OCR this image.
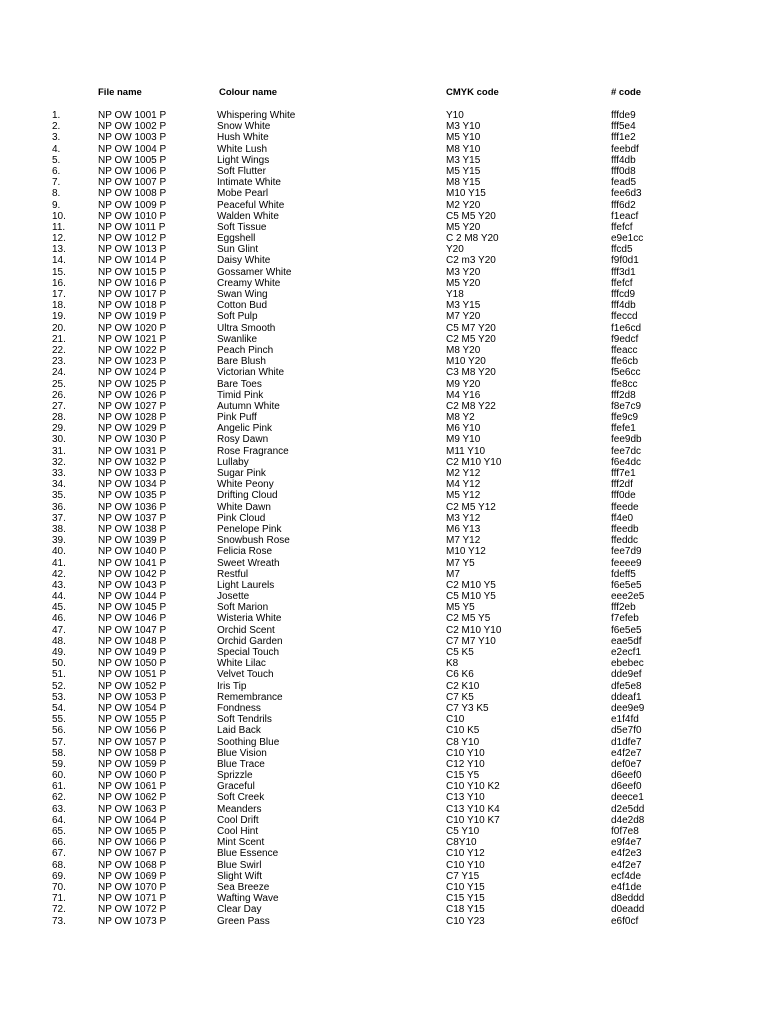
File name	Colour name	CMYK code	# code
1.	NP OW 1001 P	Whispering White	Y10	fffde9
2.	NP OW 1002 P	Snow White	M3 Y10	fff5e4
3.	NP OW 1003 P	Hush White	M5 Y10	fff1e2
4.	NP OW 1004 P	White Lush	M8 Y10	feebdf
5.	NP OW 1005 P	Light Wings	M3 Y15	fff4db
6.	NP OW 1006 P	Soft Flutter	M5 Y15	fff0d8
7.	NP OW 1007 P	Intimate White	M8 Y15	fead5
8.	NP OW 1008 P	Mobe Pearl	M10 Y15	fee6d3
9.	NP OW 1009 P	Peaceful White	M2 Y20	fff6d2
10.	NP OW 1010 P	Walden White	C5 M5 Y20	f1eacf
11.	NP OW 1011 P	Soft Tissue	M5 Y20	ffefcf
12.	NP OW 1012 P	Eggshell	C 2 M8 Y20	e9e1cc
13.	NP OW 1013 P	Sun Glint	Y20	ffcd5
14.	NP OW 1014 P	Daisy White	C2 m3 Y20	f9f0d1
15.	NP OW 1015 P	Gossamer White	M3 Y20	fff3d1
16.	NP OW 1016 P	Creamy White	M5 Y20	ffefcf
17.	NP OW 1017 P	Swan Wing	Y18	fffcd9
18.	NP OW 1018 P	Cotton Bud	M3 Y15	fff4db
19.	NP OW 1019 P	Soft Pulp	M7 Y20	ffeccd
20.	NP OW 1020 P	Ultra Smooth	C5 M7 Y20	f1e6cd
21.	NP OW 1021 P	Swanlike	C2 M5 Y20	f9edcf
22.	NP OW 1022 P	Peach Pinch	M8 Y20	ffeacc
23.	NP OW 1023 P	Bare Blush	M10 Y20	ffe6cb
24.	NP OW 1024 P	Victorian White	C3 M8 Y20	f5e6cc
25.	NP OW 1025 P	Bare Toes	M9 Y20	ffe8cc
26.	NP OW 1026 P	Timid Pink	M4 Y16	fff2d8
27.	NP OW 1027 P	Autumn White	C2 M8 Y22	f8e7c9
28.	NP OW 1028 P	Pink Puff	M8 Y2	ffe9c9
29.	NP OW 1029 P	Angelic Pink	M6 Y10	ffefe1
30.	NP OW 1030 P	Rosy Dawn	M9 Y10	fee9db
31.	NP OW 1031 P	Rose Fragrance	M11 Y10	fee7dc
32.	NP OW 1032 P	Lullaby	C2 M10 Y10	f6e4dc
33.	NP OW 1033 P	Sugar Pink	M2 Y12	fff7e1
34.	NP OW 1034 P	White Peony	M4 Y12	fff2df
35.	NP OW 1035 P	Drifting Cloud	M5 Y12	fff0de
36.	NP OW 1036 P	White Dawn	C2 M5 Y12	ffeede
37.	NP OW 1037 P	Pink Cloud	M3 Y12	ff4e0
38.	NP OW 1038 P	Penelope Pink	M6 Y13	ffeedb
39.	NP OW 1039 P	Snowbush Rose	M7 Y12	ffeddc
40.	NP OW 1040 P	Felicia Rose	M10 Y12	fee7d9
41.	NP OW 1041 P	Sweet Wreath	M7 Y5	feeee9
42.	NP OW 1042 P	Restful	M7	fdeff5
43.	NP OW 1043 P	Light Laurels	C2 M10 Y5	f6e5e5
44.	NP OW 1044 P	Josette	C5 M10 Y5	eee2e5
45.	NP OW 1045 P	Soft Marion	M5 Y5	fff2eb
46.	NP OW 1046 P	Wisteria White	C2 M5 Y5	f7efeb
47.	NP OW 1047 P	Orchid Scent	C2 M10 Y10	f6e5e5
48.	NP OW 1048 P	Orchid Garden	C7 M7 Y10	eae5df
49.	NP OW 1049 P	Special Touch	C5 K5	e2ecf1
50.	NP OW 1050 P	White Lilac	K8	ebebec
51.	NP OW 1051 P	Velvet Touch	C6 K6	dde9ef
52.	NP OW 1052 P	Iris Tip	C2 K10	dfe5e8
53.	NP OW 1053 P	Remembrance	C7 K5	ddeaf1
54.	NP OW 1054 P	Fondness	C7 Y3 K5	dee9e9
55.	NP OW 1055 P	Soft Tendrils	C10	e1f4fd
56.	NP OW 1056 P	Laid Back	C10 K5	d5e7f0
57.	NP OW 1057 P	Soothing Blue	C8 Y10	d1dfe7
58.	NP OW 1058 P	Blue Vision	C10 Y10	e4f2e7
59.	NP OW 1059 P	Blue Trace	C12 Y10	def0e7
60.	NP OW 1060 P	Sprizzle	C15 Y5	d6eef0
61.	NP OW 1061 P	Graceful	C10 Y10 K2	d6eef0
62.	NP OW 1062 P	Soft Creek	C13 Y10	deece1
63.	NP OW 1063 P	Meanders	C13 Y10 K4	d2e5dd
64.	NP OW 1064 P	Cool Drift	C10 Y10 K7	d4e2d8
65.	NP OW 1065 P	Cool Hint	C5 Y10	f0f7e8
66.	NP OW 1066 P	Mint Scent	C8Y10	e9f4e7
67.	NP OW 1067 P	Blue Essence	C10 Y12	e4f2e3
68.	NP OW 1068 P	Blue Swirl	C10 Y10	e4f2e7
69.	NP OW 1069 P	Slight Wift	C7 Y15	ecf4de
70.	NP OW 1070 P	Sea Breeze	C10 Y15	e4f1de
71.	NP OW 1071 P	Wafting Wave	C15 Y15	d8eddd
72.	NP OW 1072 P	Clear Day	C18 Y15	d0eadd
73.	NP OW 1073 P	Green Pass	C10 Y23	e6f0cf
